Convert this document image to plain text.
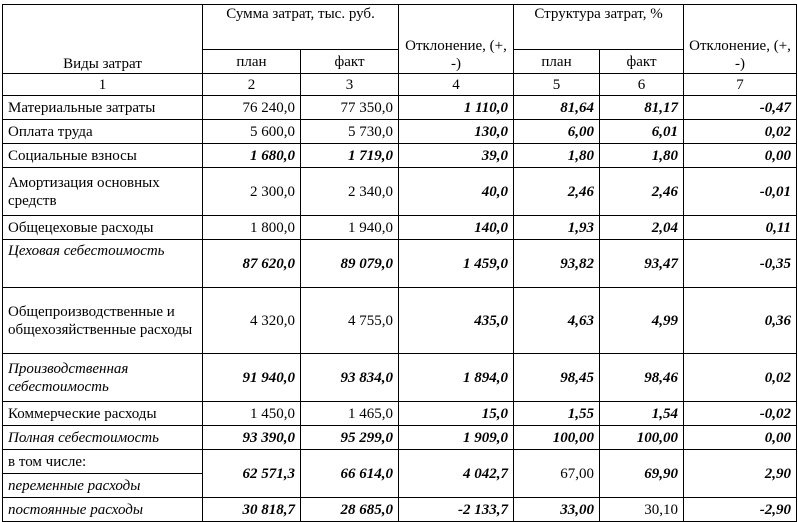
Виды затрат	Сумма затрат, тыс. руб.		Отклонение, (+, -)	Структура затрат, %		Отклонение, (+, -)
	план	факт		план	факт	
1	2	3	4	5	6	7
Материальные затраты	76 240,0	77 350,0	1 110,0	81,64	81,17	-0,47
Оплата труда	5 600,0	5 730,0	130,0	6,00	6,01	0,02
Социальные взносы	1 680,0	1 719,0	39,0	1,80	1,80	0,00
Амортизация основных средств	2 300,0	2 340,0	40,0	2,46	2,46	-0,01
Общецеховые расходы	1 800,0	1 940,0	140,0	1,93	2,04	0,11
Цеховая себестоимость	87 620,0	89 079,0	1 459,0	93,82	93,47	-0,35
Общепроизводственные и общехозяйственные расходы	4 320,0	4 755,0	435,0	4,63	4,99	0,36
Производственная себестоимость	91 940,0	93 834,0	1 894,0	98,45	98,46	0,02
Коммерческие расходы	1 450,0	1 465,0	15,0	1,55	1,54	-0,02
Полная себестоимость	93 390,0	95 299,0	1 909,0	100,00	100,00	0,00
в том числе:	62 571,3	66 614,0	4 042,7	67,00	69,90	2,90
переменные расходы						
постоянные расходы	30 818,7	28 685,0	-2 133,7	33,00	30,10	-2,90
